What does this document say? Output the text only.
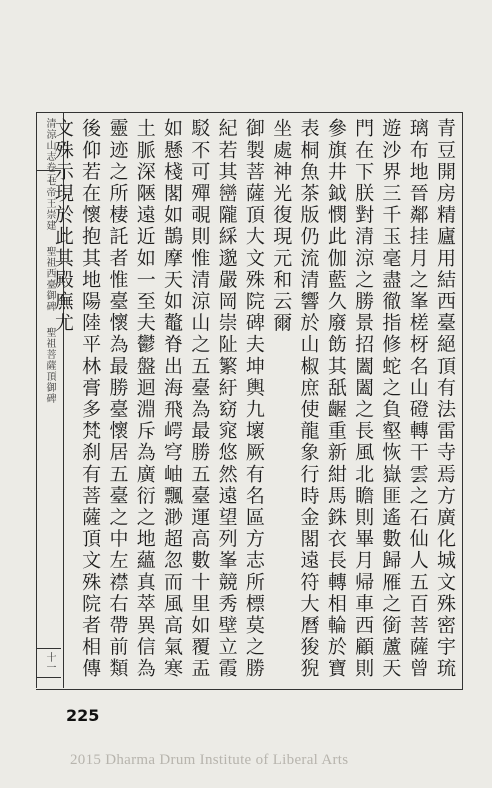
清涼山志卷五
七帝王崇建 　聖祖西臺御碑 　聖祖菩薩頂御碑
十一	青豆開房精廬用結西臺絕頂有法雷寺焉方廣化城文殊密宇琉璃布地晉鄰挂月之峯槎枒名山磴轉干雲之石仙人五百菩薩曾遊沙界三千玉毫盡徹指修蛇之負壑恢嶽匪遙數歸雁之銜蘆天門在下朕對清涼之勝景招闔闔之長風北瞻則畢月帰車西顧則參旗井鉞憫此伽藍久廢飭其舐齷重新紺馬銖衣長轉相輪於寶表桐魚茶版仍流清響於山椒庶使龍象行時金閣遠符大曆狻猊坐處神光復現元和云爾

御製菩薩頂大文殊院碑夫坤輿九壞厥有名區方志所標莫之勝紀若其巒隴綵邈嚴岡崇阯繁紆窈窕悠然遠望列峯競秀壁立霞駁不可殫覗則惟清涼山之五臺為最勝五臺運高數十里如覆盂如懸棧閣如鵲摩天如鼇脊出海飛崿穹岫飄渺超忽而風高氣寒土脈深陿遠近如一至夫鬱盤迴淵斥為廣衍之地蘊真萃異信為靈迹之所棲託者惟臺懷為最勝臺懷居五臺之中左襟右帶前類後仰若在懷抱其地陽陸平林膏多梵刹有菩薩頂文殊院者相傳文殊示現於此其殿廡尤

225
2015 Dharma Drum Institute of Liberal Arts
